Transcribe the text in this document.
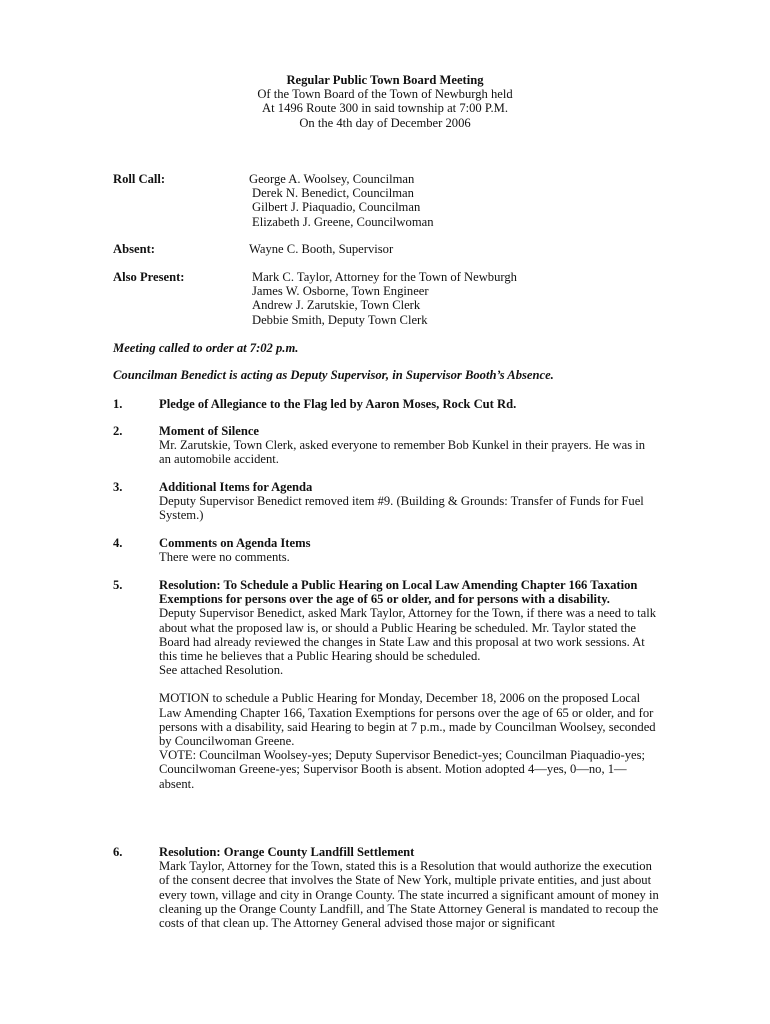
Regular Public Town Board Meeting
Of the Town Board of the Town of Newburgh held
At 1496 Route 300 in said township at 7:00 P.M.
On the 4th day of December 2006
Roll Call:	George A. Woolsey, Councilman
Derek N. Benedict, Councilman
Gilbert J. Piaquadio, Councilman
Elizabeth J. Greene, Councilwoman
Absent:	Wayne C. Booth, Supervisor
Also Present:	Mark C. Taylor, Attorney for the Town of Newburgh
James W. Osborne, Town Engineer
Andrew J. Zarutskie, Town Clerk
Debbie Smith, Deputy Town Clerk
Meeting called to order at 7:02 p.m.
Councilman Benedict is acting as Deputy Supervisor, in Supervisor Booth’s Absence.
1.	Pledge of Allegiance to the Flag led by Aaron Moses, Rock Cut Rd.
2.	Moment of Silence

Mr. Zarutskie, Town Clerk, asked everyone to remember Bob Kunkel in their prayers. He was in an automobile accident.

3.	Additional Items for Agenda

Deputy Supervisor Benedict removed item #9. (Building & Grounds: Transfer of Funds for Fuel System.)

4.	Comments on Agenda Items

There were no comments.

5.	Resolution: To Schedule a Public Hearing on Local Law Amending Chapter 166 Taxation Exemptions for persons over the age of 65 or older, and for persons with a disability.

Deputy Supervisor Benedict, asked Mark Taylor, Attorney for the Town, if there was a need to talk about what the proposed law is, or should a Public Hearing be scheduled. Mr. Taylor stated the Board had already reviewed the changes in State Law and this proposal at two work sessions. At this time he believes that a Public Hearing should be scheduled.

See attached Resolution.

MOTION to schedule a Public Hearing for Monday, December 18, 2006 on the proposed Local Law Amending Chapter 166, Taxation Exemptions for persons over the age of 65 or older, and for persons with a disability, said Hearing to begin at 7 p.m., made by Councilman Woolsey, seconded by Councilwoman Greene.

VOTE: Councilman Woolsey-yes; Deputy Supervisor Benedict-yes; Councilman Piaquadio-yes; Councilwoman Greene-yes; Supervisor Booth is absent. Motion adopted 4—yes, 0—no, 1—absent.

6.	Resolution: Orange County Landfill Settlement

Mark Taylor, Attorney for the Town, stated this is a Resolution that would authorize the execution of the consent decree that involves the State of New York, multiple private entities, and just about every town, village and city in Orange County. The state incurred a significant amount of money in cleaning up the Orange County Landfill, and The State Attorney General is mandated to recoup the costs of that clean up. The Attorney General advised those major or significant
